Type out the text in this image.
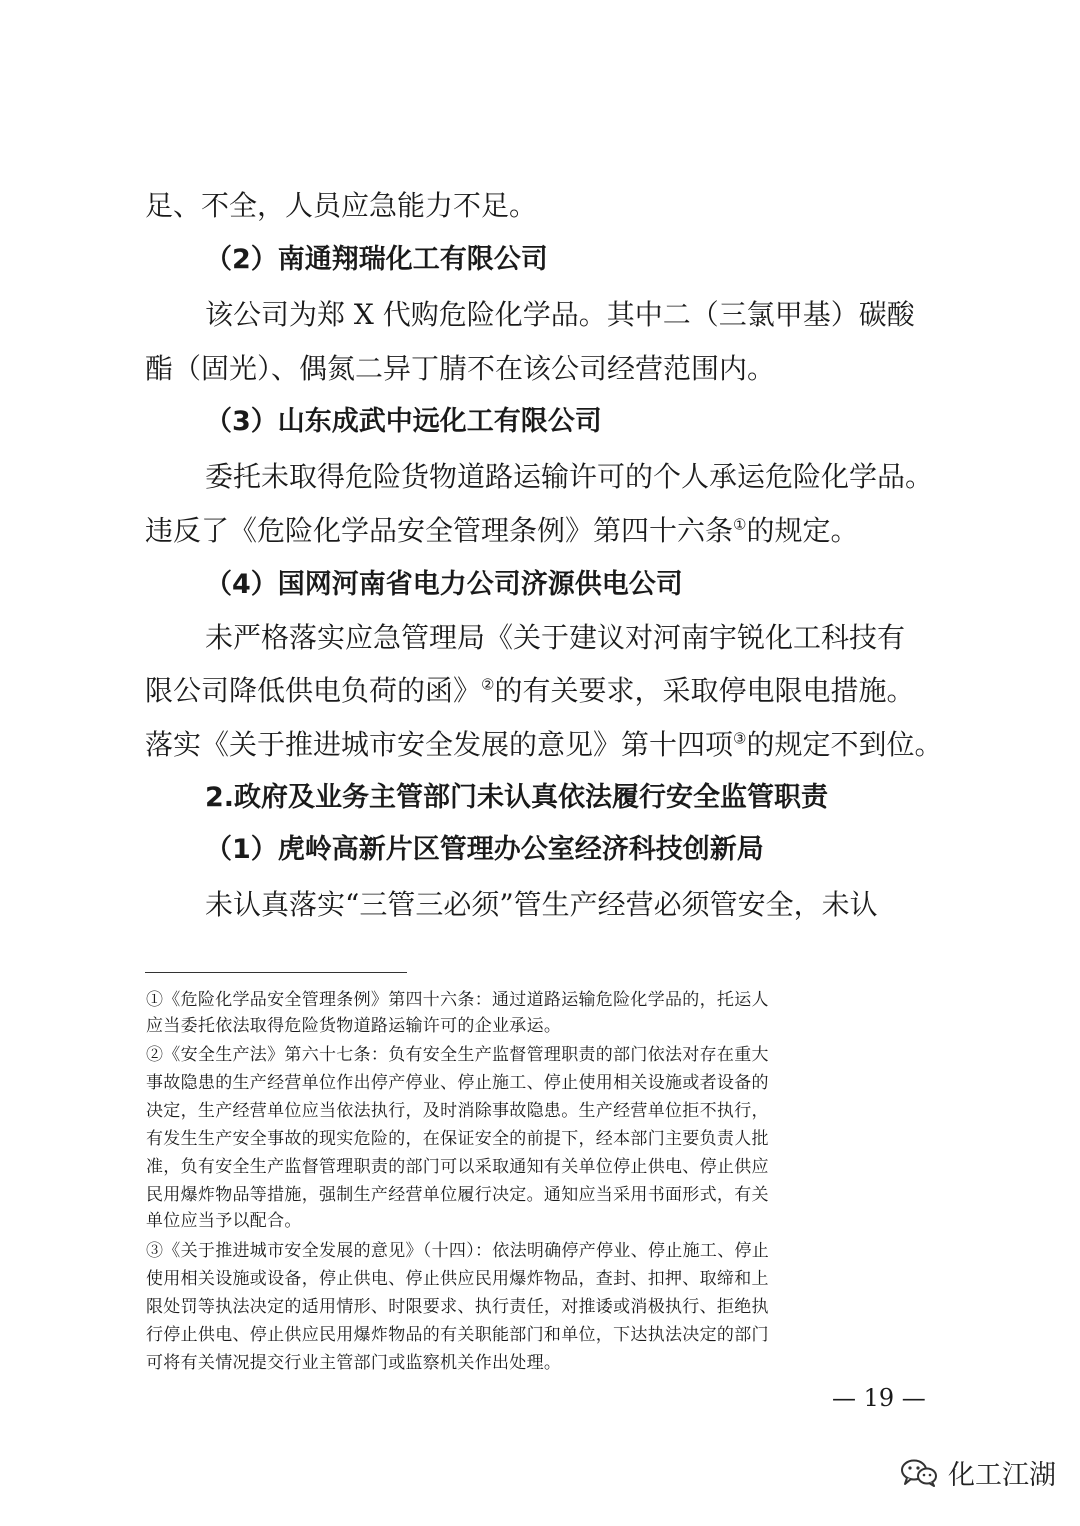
足、不全，人员应急能力不足。
（2）南通翔瑞化工有限公司
该公司为郑 X 代购危险化学品。其中二（三氯甲基）碳酸
酯（固光）、偶氮二异丁腈不在该公司经营范围内。
（3）山东成武中远化工有限公司
委托未取得危险货物道路运输许可的个人承运危险化学品。
违反了《危险化学品安全管理条例》第四十六条①的规定。
（4）国网河南省电力公司济源供电公司
未严格落实应急管理局《关于建议对河南宇锐化工科技有
限公司降低供电负荷的函》②的有关要求，采取停电限电措施。
落实《关于推进城市安全发展的意见》第十四项③的规定不到位。
2.政府及业务主管部门未认真依法履行安全监管职责
（1）虎岭高新片区管理办公室经济科技创新局
未认真落实“三管三必须”管生产经营必须管安全，未认
①《危险化学品安全管理条例》第四十六条：通过道路运输危险化学品的，托运人
应当委托依法取得危险货物道路运输许可的企业承运。
②《安全生产法》第六十七条：负有安全生产监督管理职责的部门依法对存在重大
事故隐患的生产经营单位作出停产停业、停止施工、停止使用相关设施或者设备的
决定，生产经营单位应当依法执行，及时消除事故隐患。生产经营单位拒不执行，
有发生生产安全事故的现实危险的，在保证安全的前提下，经本部门主要负责人批
准，负有安全生产监督管理职责的部门可以采取通知有关单位停止供电、停止供应
民用爆炸物品等措施，强制生产经营单位履行决定。通知应当采用书面形式，有关
单位应当予以配合。
③《关于推进城市安全发展的意见》（十四）：依法明确停产停业、停止施工、停止
使用相关设施或设备，停止供电、停止供应民用爆炸物品，查封、扣押、取缔和上
限处罚等执法决定的适用情形、时限要求、执行责任，对推诿或消极执行、拒绝执
行停止供电、停止供应民用爆炸物品的有关职能部门和单位，下达执法决定的部门
可将有关情况提交行业主管部门或监察机关作出处理。
— 19 —
化工江湖
